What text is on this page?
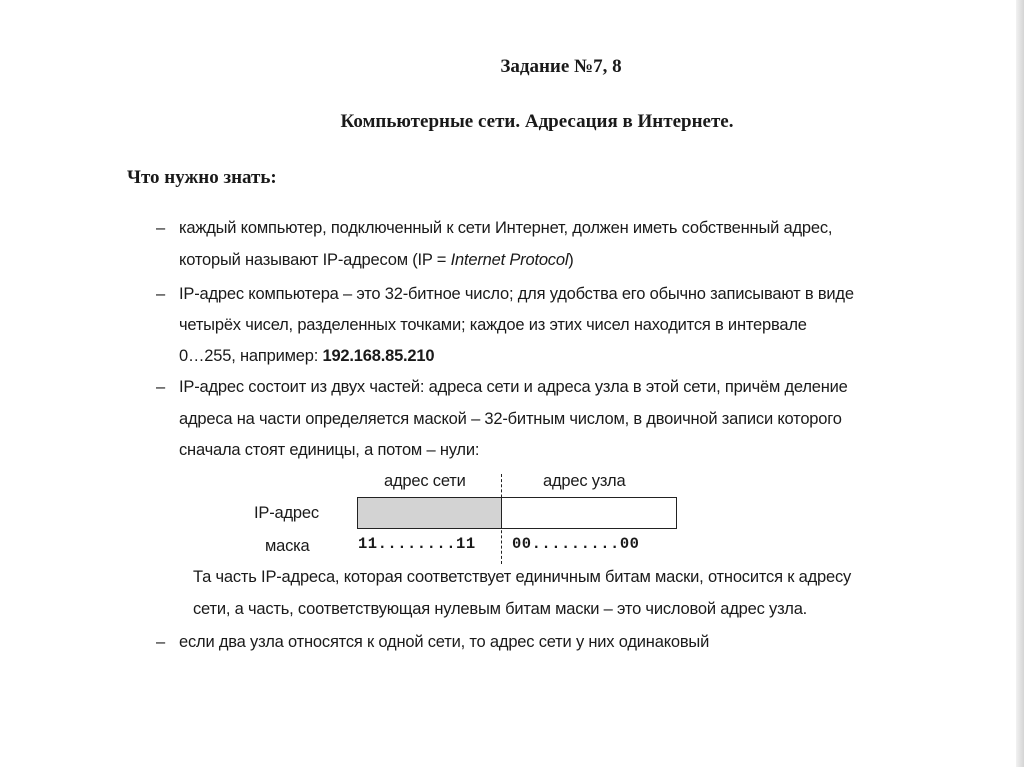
Задание №7, 8
Компьютерные сети. Адресация в Интернете.
Что нужно знать:
– каждый компьютер, подключенный к сети Интернет, должен иметь собственный адрес,
который называют IP-адресом (IP = Internet Protocol)
– IP-адрес компьютера – это 32-битное число; для удобства его обычно записывают в виде
четырёх чисел, разделенных точками; каждое из этих чисел находится в интервале
0…255, например: 192.168.85.210
– IP-адрес состоит из двух частей: адреса сети и адреса узла в этой сети, причём деление
адреса на части определяется маской – 32-битным числом, в двоичной записи которого
сначала стоят единицы, а потом – нули:
адрес сети	адрес узла
IP-адрес
маска	11........11 00.........00
Та часть IP-адреса, которая соответствует единичным битам маски, относится к адресу
сети, а часть, соответствующая нулевым битам маски – это числовой адрес узла.
– если два узла относятся к одной сети, то адрес сети у них одинаковый
